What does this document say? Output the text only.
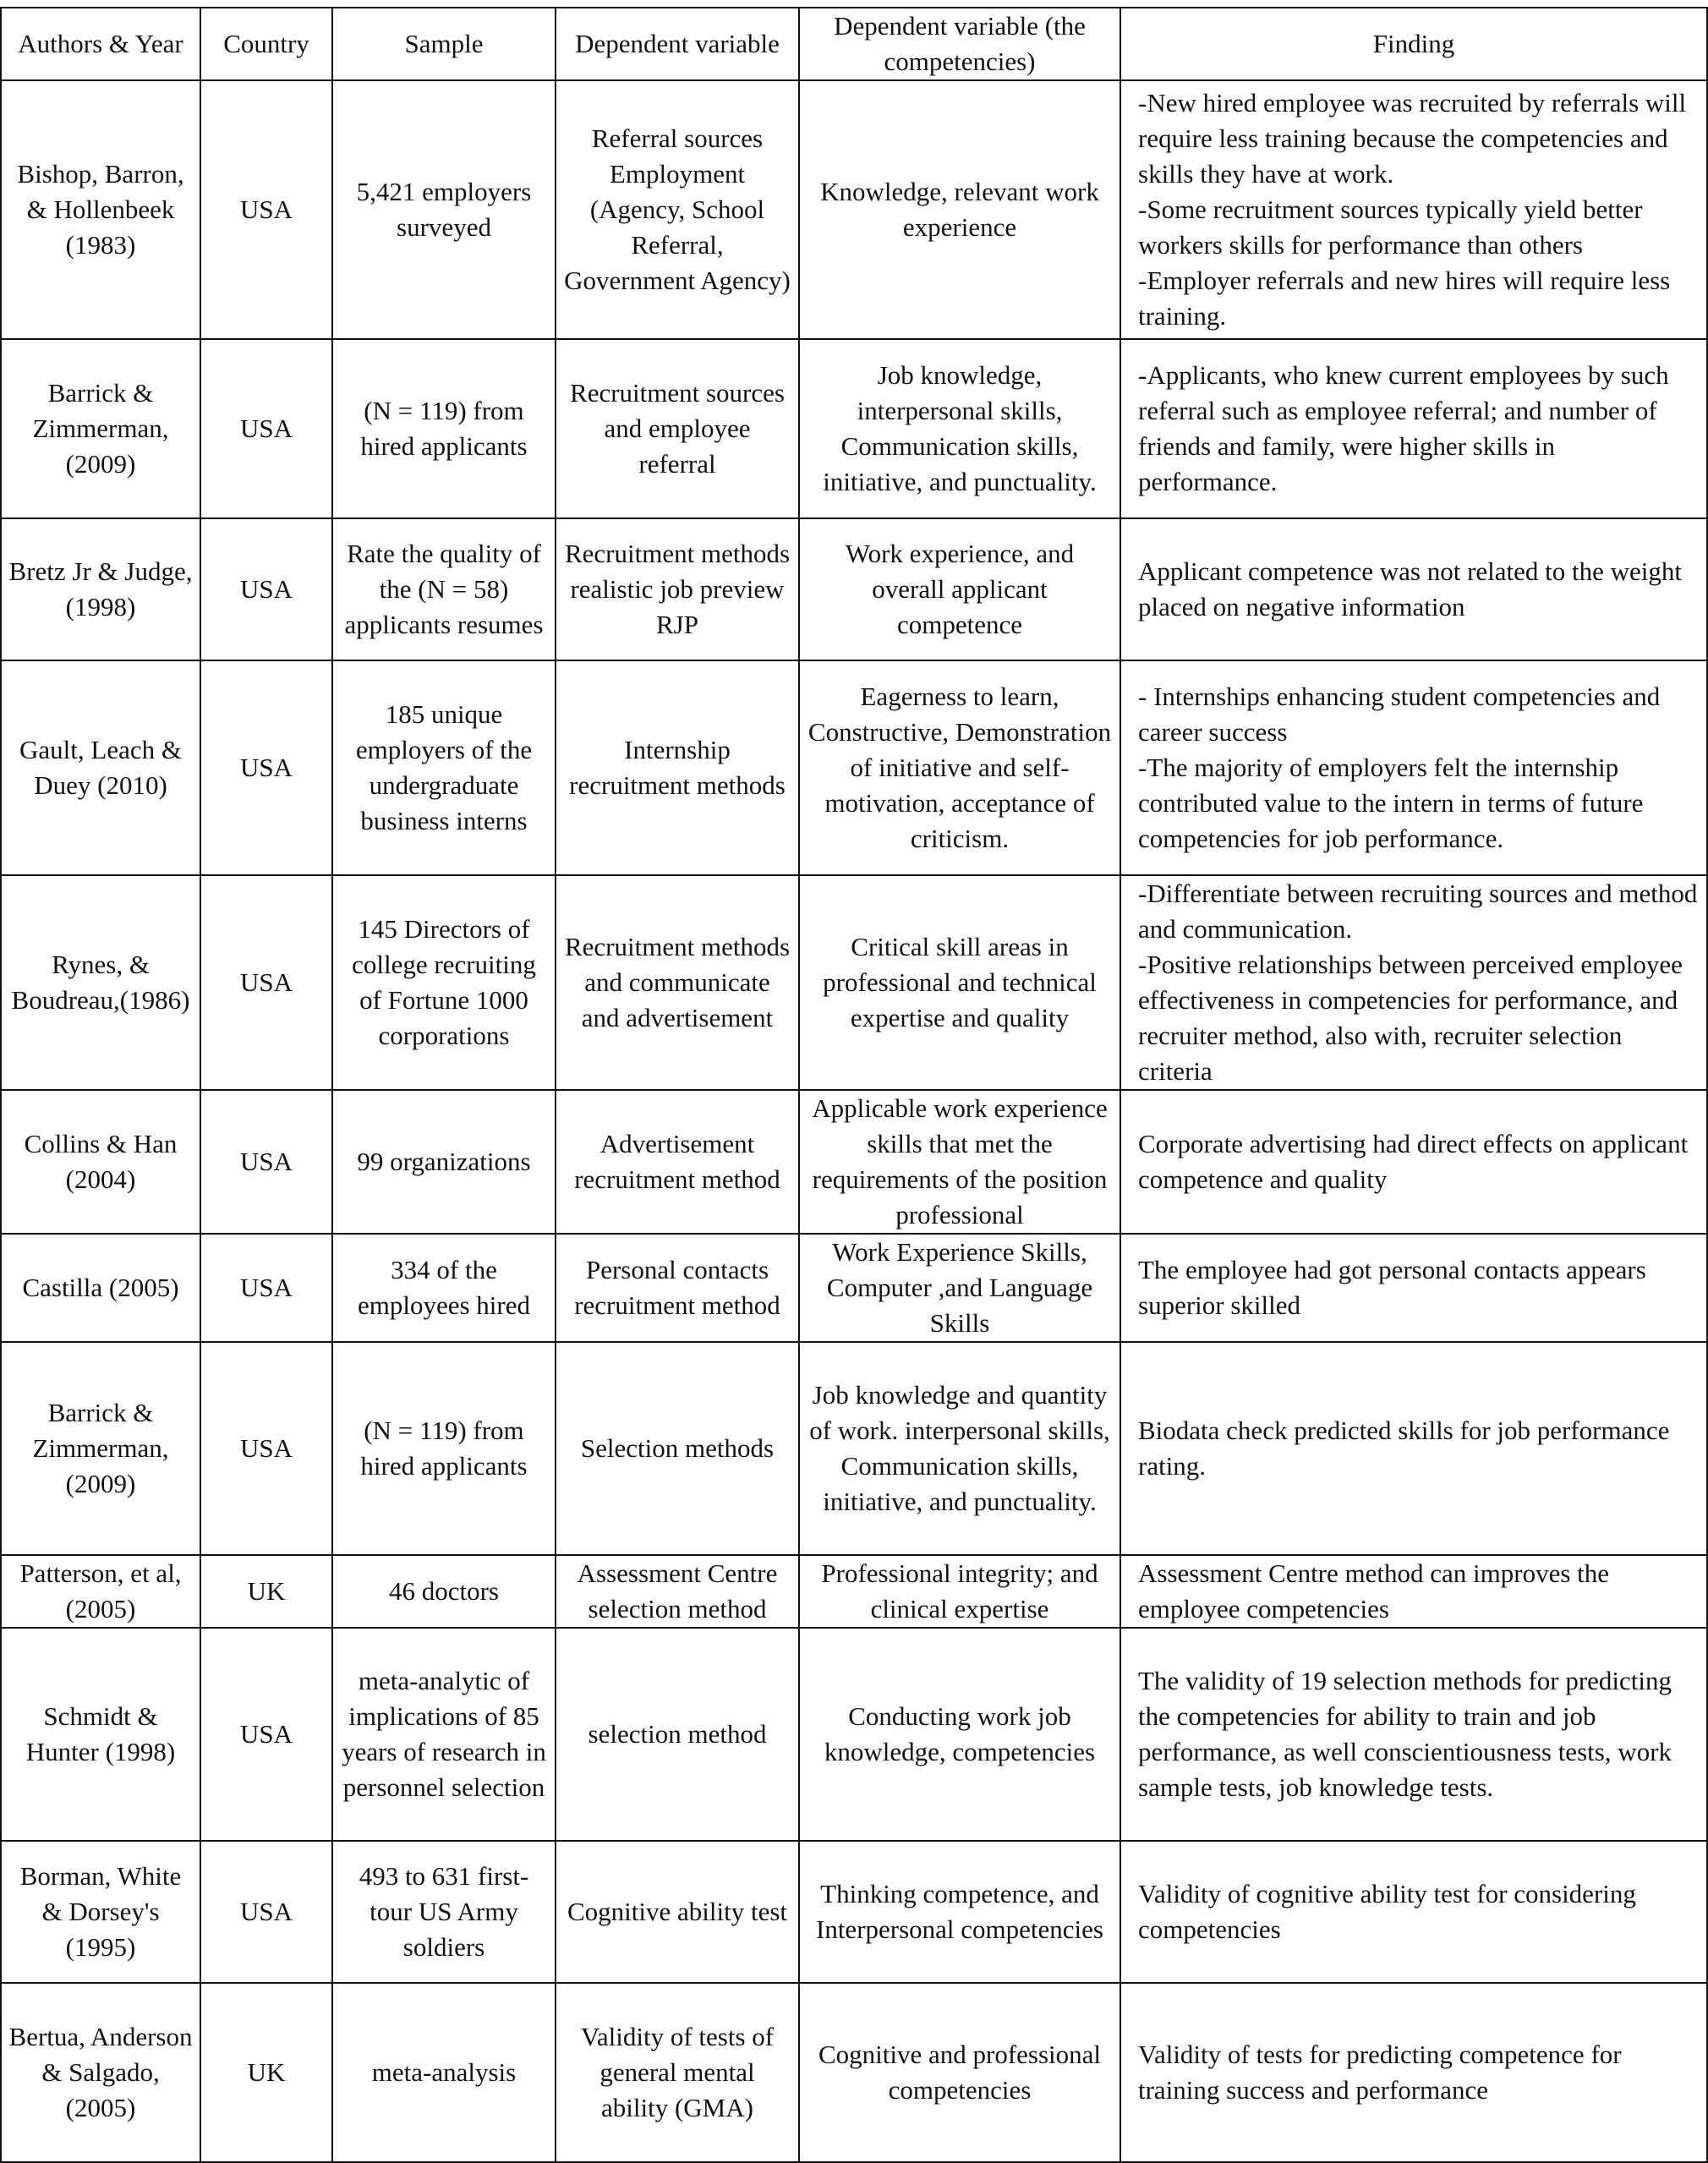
Authors & Year	Country	Sample	Dependent variable	Dependent variable (the competencies)	Finding
Bishop, Barron, & Hollenbeek (1983)	USA	5,421 employers surveyed	Referral sources Employment (Agency, School Referral, Government Agency)	Knowledge, relevant work experience	-New hired employee was recruited by referrals will require less training because the competencies and skills they have at work.
-Some recruitment sources typically yield better workers skills for performance than others
-Employer referrals and new hires will require less training.

Barrick & Zimmerman, (2009)	USA	(N = 119) from hired applicants	Recruitment sources and employee referral	Job knowledge, interpersonal skills, Communication skills, initiative, and punctuality.	-Applicants, who knew current employees by such referral such as employee referral; and number of friends and family, were higher skills in performance.

Bretz Jr & Judge, (1998)	USA	Rate the quality of the (N = 58) applicants resumes	Recruitment methods realistic job preview RJP	Work experience, and overall applicant competence	Applicant competence was not related to the weight placed on negative information

Gault, Leach & Duey (2010)	USA	185 unique employers of the undergraduate business interns	Internship recruitment methods	Eagerness to learn, Constructive, Demonstration of initiative and self-motivation, acceptance of criticism.	- Internships enhancing student competencies and career success
-The majority of employers felt the internship contributed value to the intern in terms of future competencies for job performance.

Rynes, & Boudreau,(1986)	USA	145 Directors of college recruiting of Fortune 1000 corporations	Recruitment methods and communicate and advertisement	Critical skill areas in professional and technical expertise and quality	-Differentiate between recruiting sources and method and communication.
-Positive relationships between perceived employee effectiveness in competencies for performance, and recruiter method, also with, recruiter selection criteria

Collins & Han (2004)	USA	99 organizations	Advertisement recruitment method	Applicable work experience skills that met the requirements of the position professional	Corporate advertising had direct effects on applicant competence and quality

Castilla (2005)	USA	334 of the employees hired	Personal contacts recruitment method	Work Experience Skills, Computer ,and Language Skills	The employee had got personal contacts appears superior skilled

Barrick & Zimmerman, (2009)	USA	(N = 119) from hired applicants	Selection methods	Job knowledge and quantity of work. interpersonal skills, Communication skills, initiative, and punctuality.	Biodata check predicted skills for job performance rating.

Patterson, et al, (2005)	UK	46 doctors	Assessment Centre selection method	Professional integrity; and clinical expertise	Assessment Centre method can improves the employee competencies

Schmidt & Hunter (1998)	USA	meta-analytic of implications of 85 years of research in personnel selection	selection method	Conducting work job knowledge, competencies	The validity of 19 selection methods for predicting the competencies for ability to train and job performance, as well conscientiousness tests, work sample tests, job knowledge tests.

Borman, White & Dorsey's (1995)	USA	493 to 631 first-tour US Army soldiers	Cognitive ability test	Thinking competence, and Interpersonal competencies	Validity of cognitive ability test for considering competencies

Bertua, Anderson & Salgado, (2005)	UK	meta-analysis	Validity of tests of general mental ability (GMA)	Cognitive and professional competencies	Validity of tests for predicting competence for training success and performance
